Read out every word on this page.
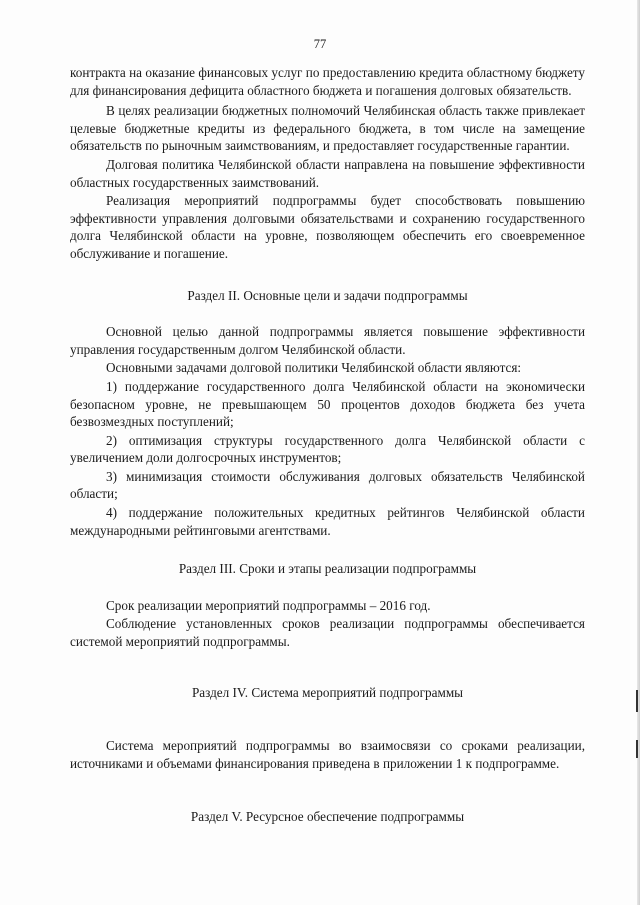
77

контракта на оказание финансовых услуг по предоставлению кредита областному бюджету для финансирования дефицита областного бюджета и погашения долговых обязательств.

В целях реализации бюджетных полномочий Челябинская область также привлекает целевые бюджетные кредиты из федерального бюджета, в том числе на замещение обязательств по рыночным заимствованиям, и предоставляет государственные гарантии.

Долговая политика Челябинской области направлена на повышение эффективности областных государственных заимствований.

Реализация мероприятий подпрограммы будет способствовать повышению эффективности управления долговыми обязательствами и сохранению государственного долга Челябинской области на уровне, позволяющем обеспечить его своевременное обслуживание и погашение.

Раздел II. Основные цели и задачи подпрограммы

Основной целью данной подпрограммы является повышение эффективности управления государственным долгом Челябинской области.

Основными задачами долговой политики Челябинской области являются:

1) поддержание государственного долга Челябинской области на экономически безопасном уровне, не превышающем 50 процентов доходов бюджета без учета безвозмездных поступлений;

2) оптимизация структуры государственного долга Челябинской области с увеличением доли долгосрочных инструментов;

3) минимизация стоимости обслуживания долговых обязательств Челябинской области;

4) поддержание положительных кредитных рейтингов Челябинской области международными рейтинговыми агентствами.

Раздел III. Сроки и этапы реализации подпрограммы

Срок реализации мероприятий подпрограммы – 2016 год.

Соблюдение установленных сроков реализации подпрограммы обеспечивается системой мероприятий подпрограммы.

Раздел IV. Система мероприятий подпрограммы

Система мероприятий подпрограммы во взаимосвязи со сроками реализации, источниками и объемами финансирования приведена в приложении 1 к подпрограмме.

Раздел V. Ресурсное обеспечение подпрограммы
